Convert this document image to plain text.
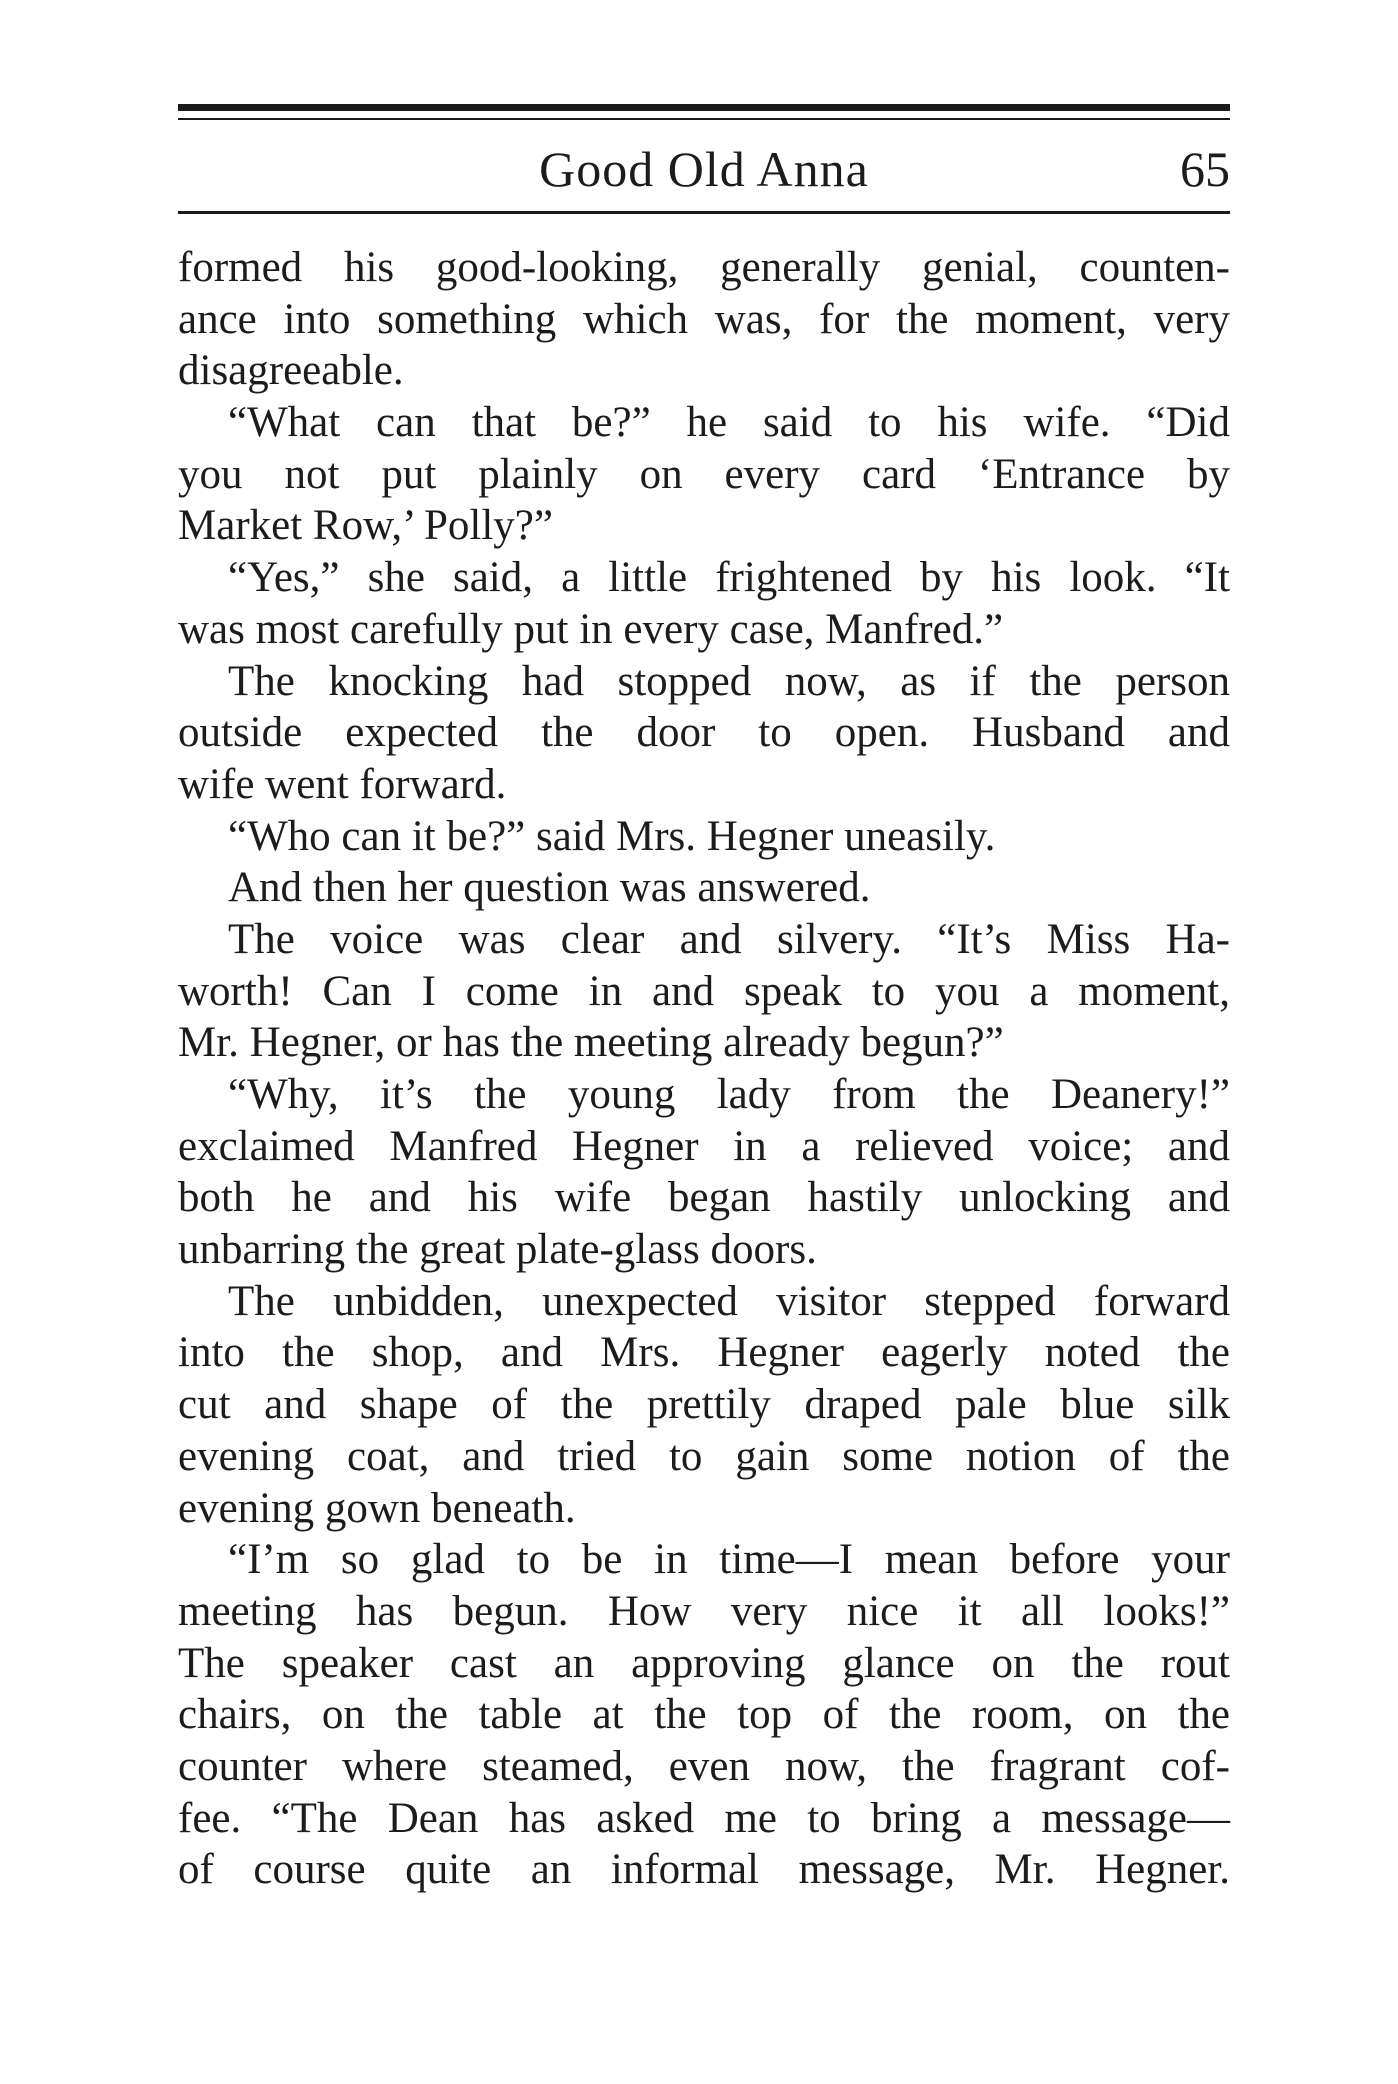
Good Old Anna	65
formed his good-looking, generally genial, counten-
ance into something which was, for the moment, very
disagreeable.
“What can that be?” he said to his wife. “Did
you not put plainly on every card ‘Entrance by
Market Row,’ Polly?”
“Yes,” she said, a little frightened by his look. “It
was most carefully put in every case, Manfred.”
The knocking had stopped now, as if the person
outside expected the door to open. Husband and
wife went forward.
“Who can it be?” said Mrs. Hegner uneasily.
And then her question was answered.
The voice was clear and silvery. “It’s Miss Ha-
worth! Can I come in and speak to you a moment,
Mr. Hegner, or has the meeting already begun?”
“Why, it’s the young lady from the Deanery!”
exclaimed Manfred Hegner in a relieved voice; and
both he and his wife began hastily unlocking and
unbarring the great plate-glass doors.
The unbidden, unexpected visitor stepped forward
into the shop, and Mrs. Hegner eagerly noted the
cut and shape of the prettily draped pale blue silk
evening coat, and tried to gain some notion of the
evening gown beneath.
“I’m so glad to be in time—I mean before your
meeting has begun. How very nice it all looks!”
The speaker cast an approving glance on the rout
chairs, on the table at the top of the room, on the
counter where steamed, even now, the fragrant cof-
fee. “The Dean has asked me to bring a message—
of course quite an informal message, Mr. Hegner.
